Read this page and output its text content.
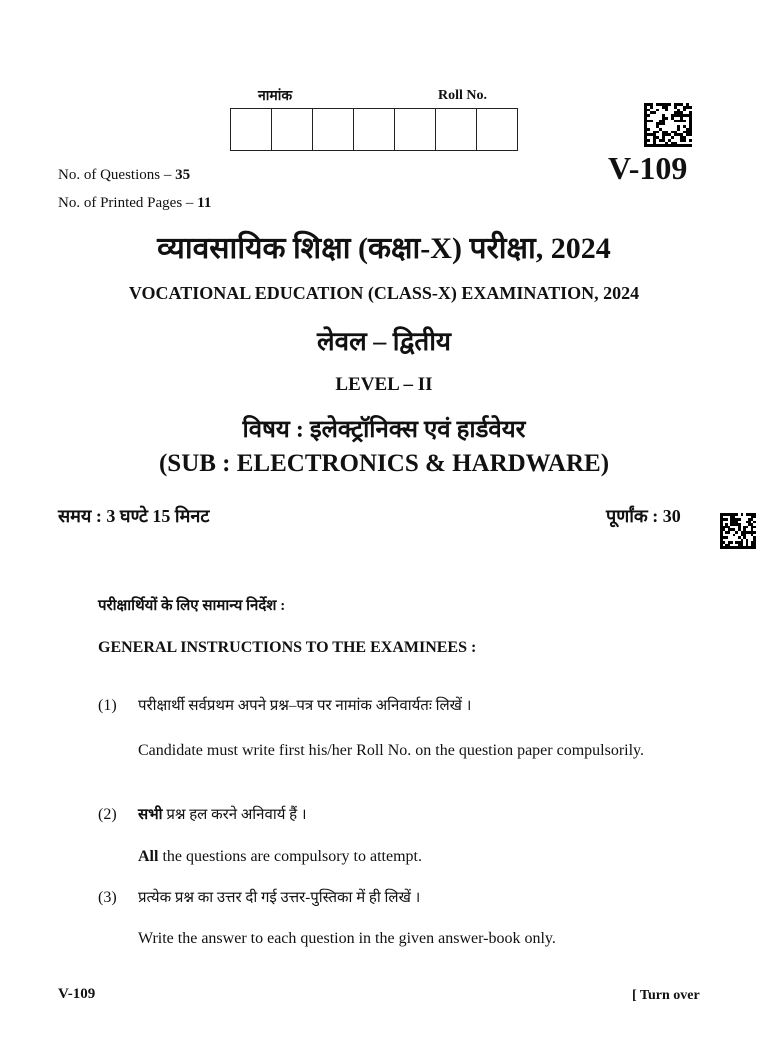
नामांक	Roll No.
V-109
No. of Questions – 35
No. of Printed Pages – 11
व्यावसायिक शिक्षा (कक्षा-X) परीक्षा, 2024
VOCATIONAL EDUCATION (CLASS-X) EXAMINATION, 2024
लेवल – द्वितीय
LEVEL – II
विषय : इलेक्ट्रॉनिक्स एवं हार्डवेयर
(SUB : ELECTRONICS & HARDWARE)
समय : 3 घण्टे 15 मिनट	पूर्णांक : 30
परीक्षार्थियों के लिए सामान्य निर्देश :
GENERAL INSTRUCTIONS TO THE EXAMINEES :
(1) परीक्षार्थी सर्वप्रथम अपने प्रश्न–पत्र पर नामांक अनिवार्यतः लिखें ।
Candidate must write first his/her Roll No. on the question paper compulsorily.
(2) सभी प्रश्न हल करने अनिवार्य हैं ।
All the questions are compulsory to attempt.
(3) प्रत्येक प्रश्न का उत्तर दी गई उत्तर-पुस्तिका में ही लिखें ।
Write the answer to each question in the given answer-book only.
V-109	[ Turn over
